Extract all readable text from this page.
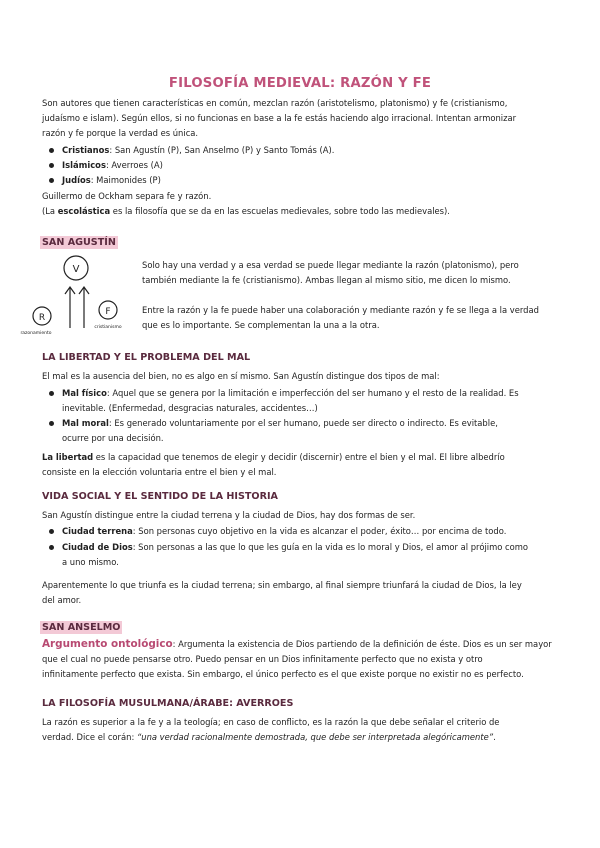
FILOSOFÍA MEDIEVAL: RAZÓN Y FE
Son autores que tienen características en común, mezclan razón (aristotelismo, platonismo) y fe (cristianismo,
judaísmo e islam). Según ellos, si no funcionas en base a la fe estás haciendo algo irracional. Intentan armonizar
razón y fe porque la verdad es única.
Cristianos: San Agustín (P), San Anselmo (P) y Santo Tomás (A).
Islámicos: Averroes (A)
Judíos: Maimonides (P)
Guillermo de Ockham separa fe y razón.
(La escolástica es la filosofía que se da en las escuelas medievales, sobre todo las medievales).
SAN AGUSTÍN
V
R
F
razonamiento
cristianismo
Solo hay una verdad y a esa verdad se puede llegar mediante la razón (platonismo), pero
también mediante la fe (cristianismo). Ambas llegan al mismo sitio, me dicen lo mismo.
Entre la razón y la fe puede haber una colaboración y mediante razón y fe se llega a la verdad
que es lo importante. Se complementan la una a la otra.
LA LIBERTAD Y EL PROBLEMA DEL MAL
El mal es la ausencia del bien, no es algo en sí mismo. San Agustín distingue dos tipos de mal:
Mal físico: Aquel que se genera por la limitación e imperfección del ser humano y el resto de la realidad. Es
inevitable. (Enfermedad, desgracias naturales, accidentes…)
Mal moral: Es generado voluntariamente por el ser humano, puede ser directo o indirecto. Es evitable,
ocurre por una decisión.
La libertad es la capacidad que tenemos de elegir y decidir (discernir) entre el bien y el mal. El libre albedrío
consiste en la elección voluntaria entre el bien y el mal.
VIDA SOCIAL Y EL SENTIDO DE LA HISTORIA
San Agustín distingue entre la ciudad terrena y la ciudad de Dios, hay dos formas de ser.
Ciudad terrena: Son personas cuyo objetivo en la vida es alcanzar el poder, éxito… por encima de todo.
Ciudad de Dios: Son personas a las que lo que les guía en la vida es lo moral y Dios, el amor al prójimo como
a uno mismo.
Aparentemente lo que triunfa es la ciudad terrena; sin embargo, al final siempre triunfará la ciudad de Dios, la ley
del amor.
SAN ANSELMO
Argumento ontológico: Argumenta la existencia de Dios partiendo de la definición de éste. Dios es un ser mayor
que el cual no puede pensarse otro. Puedo pensar en un Dios infinitamente perfecto que no exista y otro
infinitamente perfecto que exista. Sin embargo, el único perfecto es el que existe porque no existir no es perfecto.
LA FILOSOFÍA MUSULMANA/ÁRABE: AVERROES
La razón es superior a la fe y a la teología; en caso de conflicto, es la razón la que debe señalar el criterio de
verdad. Dice el corán: “una verdad racionalmente demostrada, que debe ser interpretada alegóricamente”.
